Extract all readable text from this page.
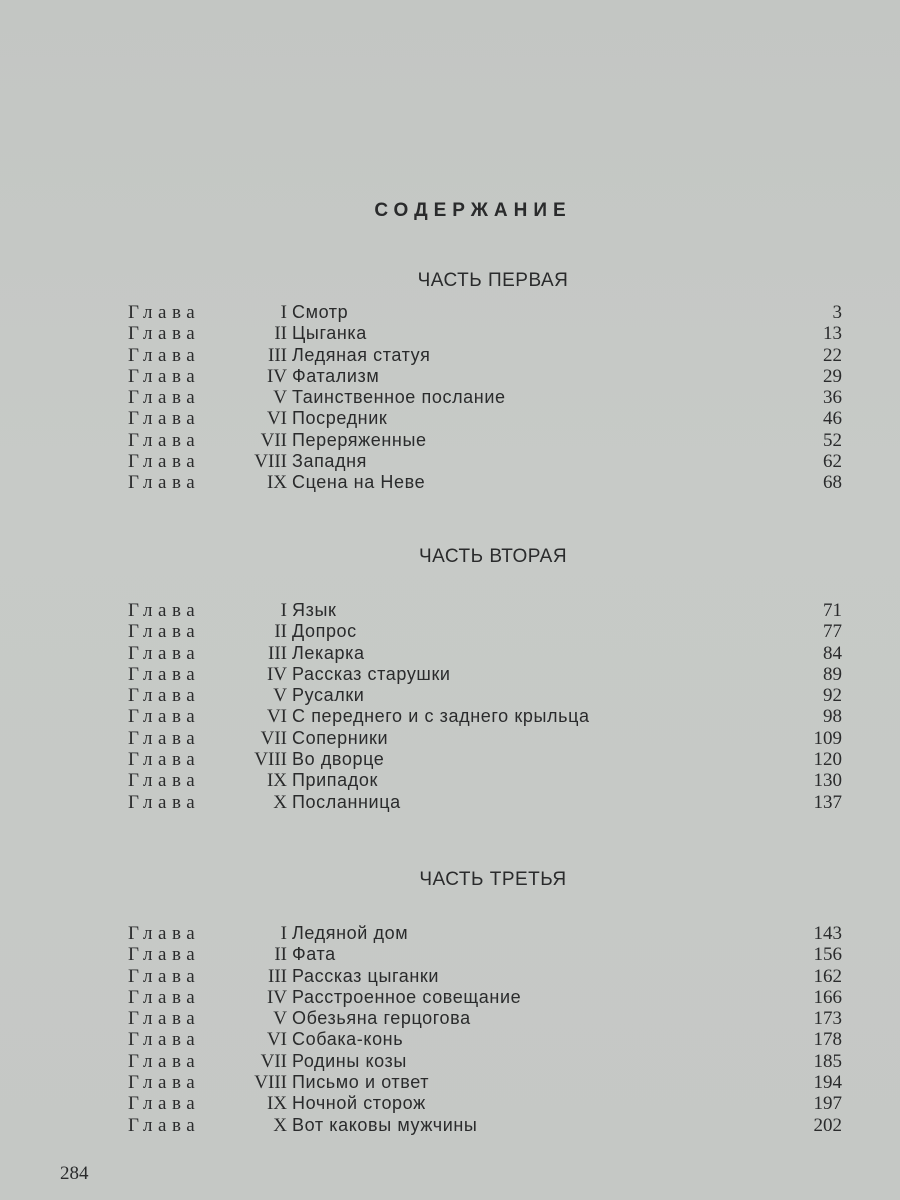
СОДЕРЖАНИЕ
ЧАСТЬ ПЕРВАЯ
Глава	I Смотр	3
Глава	II Цыганка	13
Глава	III Ледяная статуя	22
Глава	IV Фатализм	29
Глава	V Таинственное послание	36
Глава	VI Посредник	46
Глава	VII Переряженные	52
Глава	VIII Западня	62
Глава	IX Сцена на Неве	68
ЧАСТЬ ВТОРАЯ
Глава	I Язык	71
Глава	II Допрос	77
Глава	III Лекарка	84
Глава	IV Рассказ старушки	89
Глава	V Русалки	92
Глава	VI С переднего и с заднего крыльца	98
Глава	VII Соперники	109
Глава	VIII Во дворце	120
Глава	IX Припадок	130
Глава	X Посланница	137
ЧАСТЬ ТРЕТЬЯ
Глава	I Ледяной дом	143
Глава	II Фата	156
Глава	III Рассказ цыганки	162
Глава	IV Расстроенное совещание	166
Глава	V Обезьяна герцогова	173
Глава	VI Собака-конь	178
Глава	VII Родины козы	185
Глава	VIII Письмо и ответ	194
Глава	IX Ночной сторож	197
Глава	X Вот каковы мужчины	202
284
